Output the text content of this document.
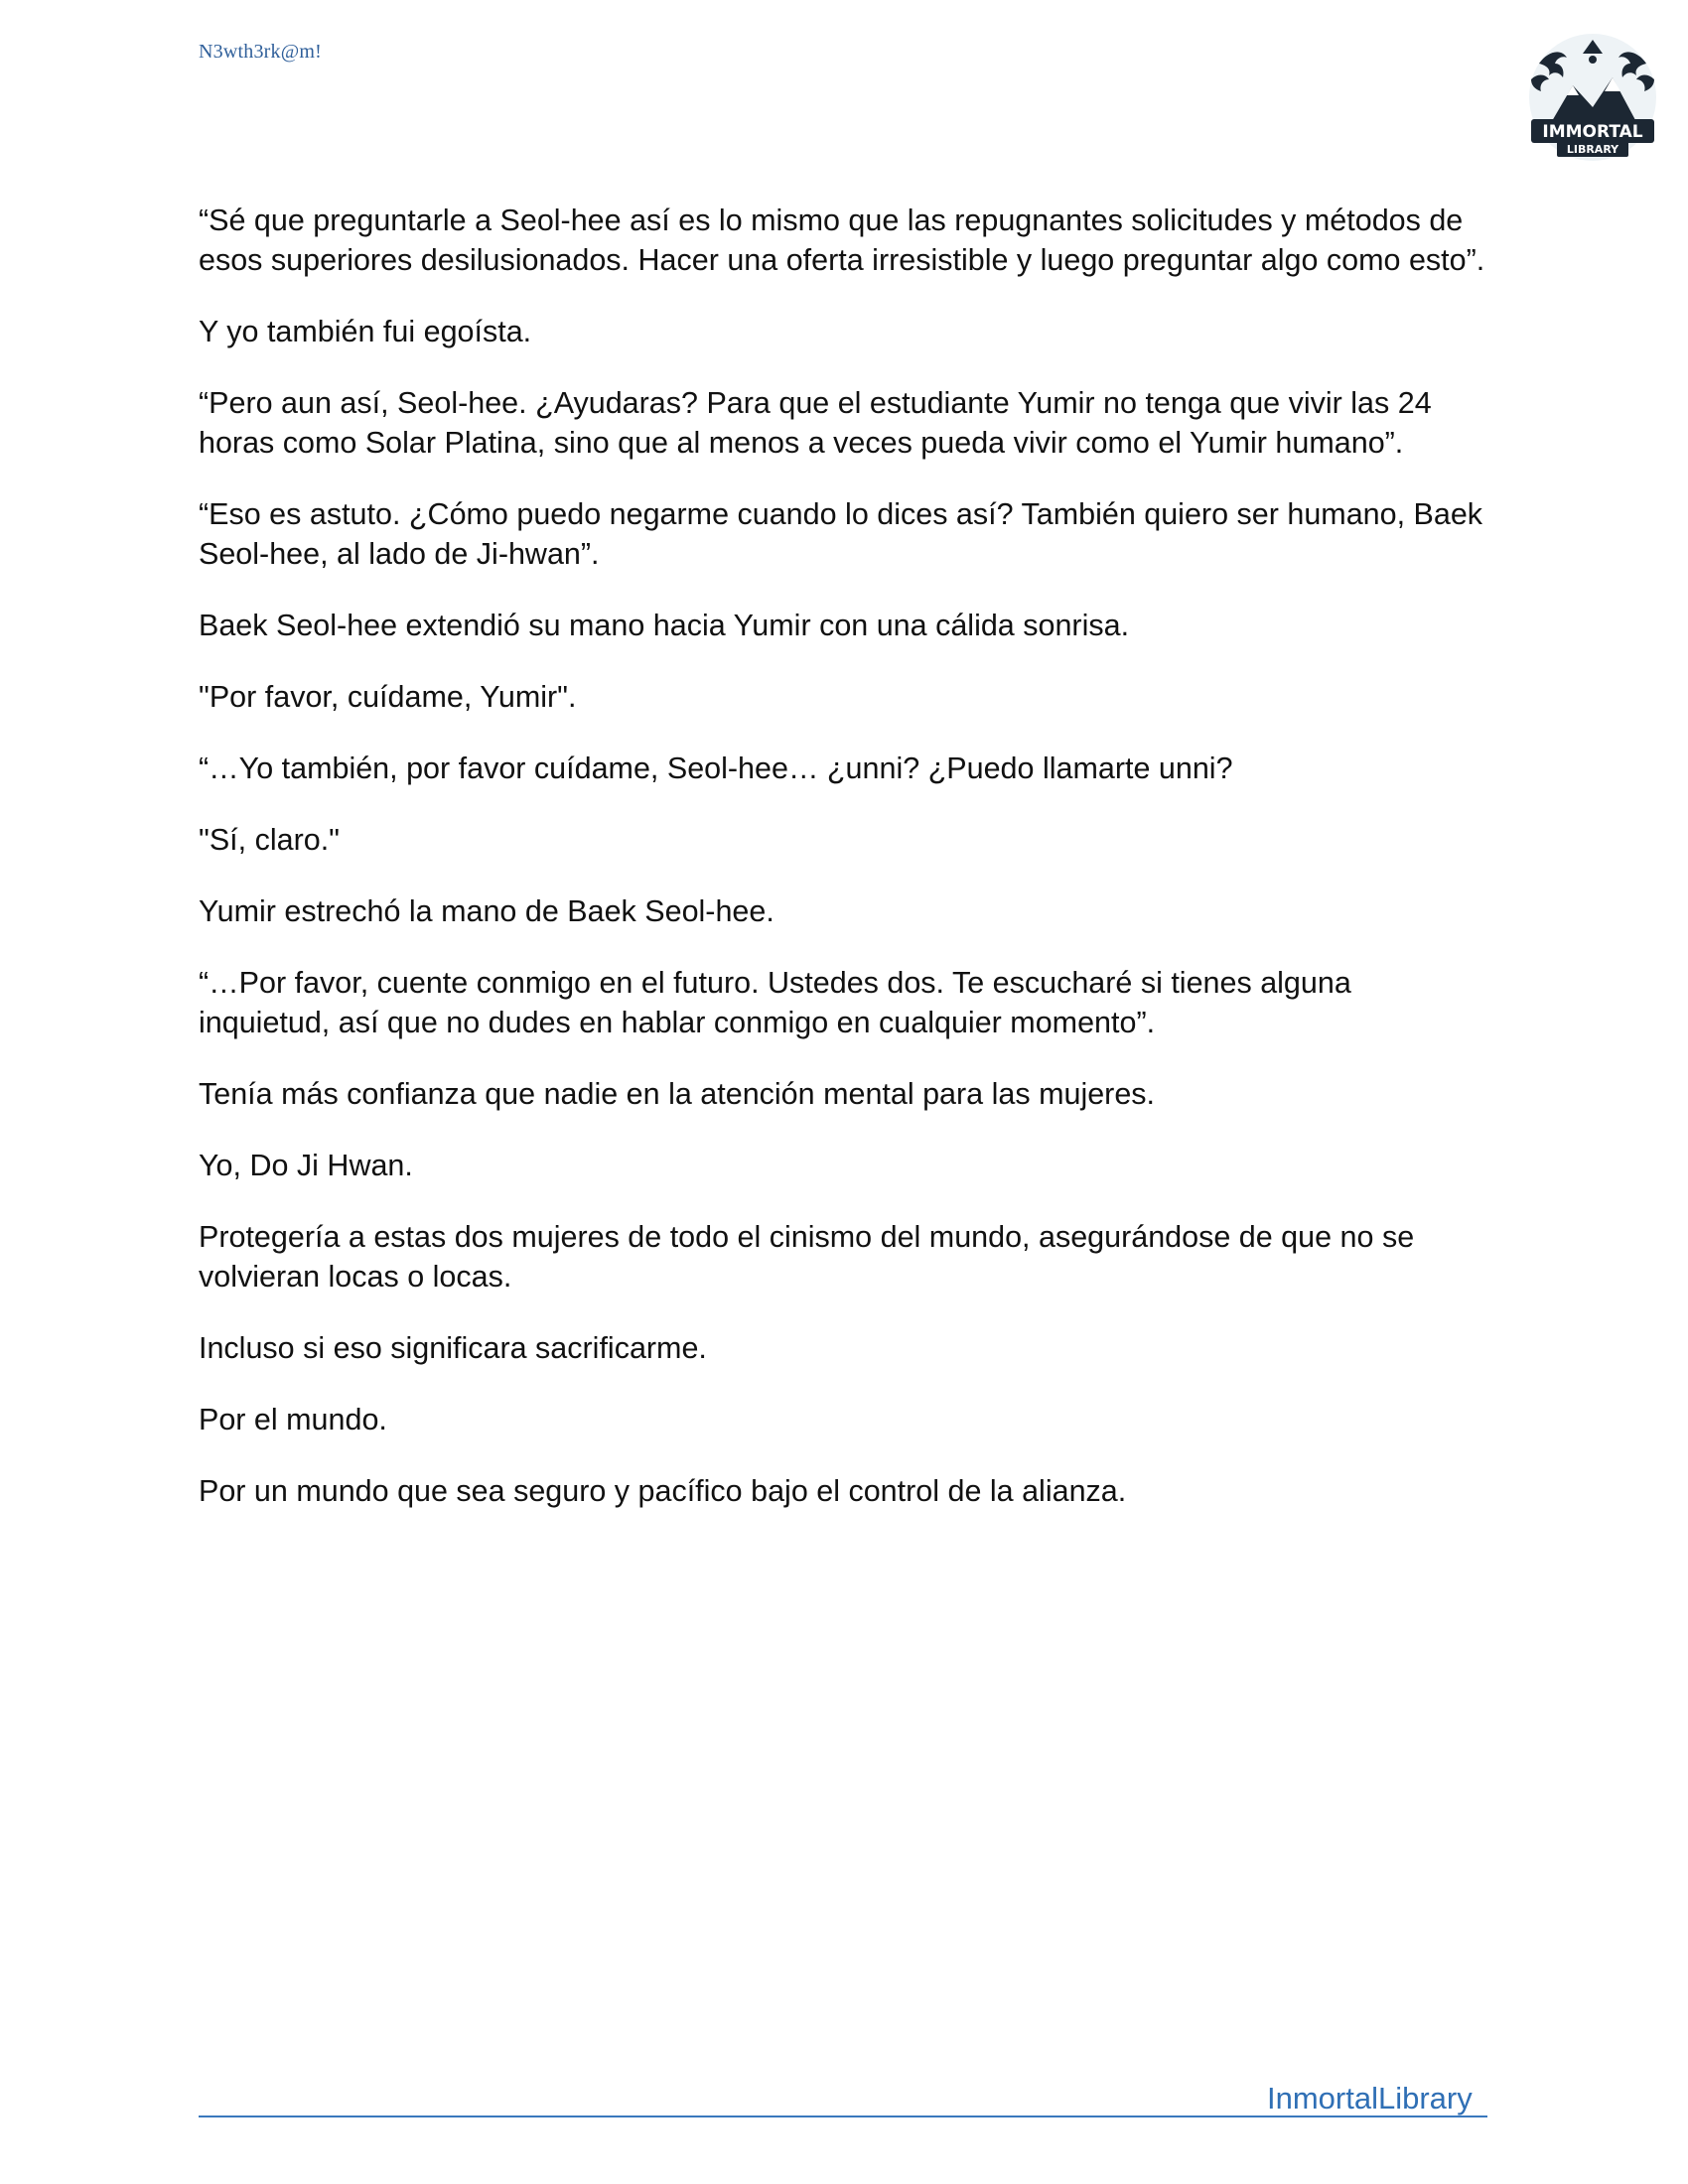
N3wth3rk@m!
IMMORTAL
LIBRARY

“Sé que preguntarle a Seol-hee así es lo mismo que las repugnantes solicitudes y métodos de esos superiores desilusionados. Hacer una oferta irresistible y luego preguntar algo como esto”.

Y yo también fui egoísta.

“Pero aun así, Seol-hee. ¿Ayudaras? Para que el estudiante Yumir no tenga que vivir las 24 horas como Solar Platina, sino que al menos a veces pueda vivir como el Yumir humano”.

“Eso es astuto. ¿Cómo puedo negarme cuando lo dices así? También quiero ser humano, Baek Seol-hee, al lado de Ji-hwan”.

Baek Seol-hee extendió su mano hacia Yumir con una cálida sonrisa.

"Por favor, cuídame, Yumir".

“…Yo también, por favor cuídame, Seol-hee… ¿unni? ¿Puedo llamarte unni?

"Sí, claro."

Yumir estrechó la mano de Baek Seol-hee.

“…Por favor, cuente conmigo en el futuro. Ustedes dos. Te escucharé si tienes alguna inquietud, así que no dudes en hablar conmigo en cualquier momento”.

Tenía más confianza que nadie en la atención mental para las mujeres.

Yo, Do Ji Hwan.

Protegería a estas dos mujeres de todo el cinismo del mundo, asegurándose de que no se volvieran locas o locas.

Incluso si eso significara sacrificarme.

Por el mundo.

Por un mundo que sea seguro y pacífico bajo el control de la alianza.

InmortalLibrary
